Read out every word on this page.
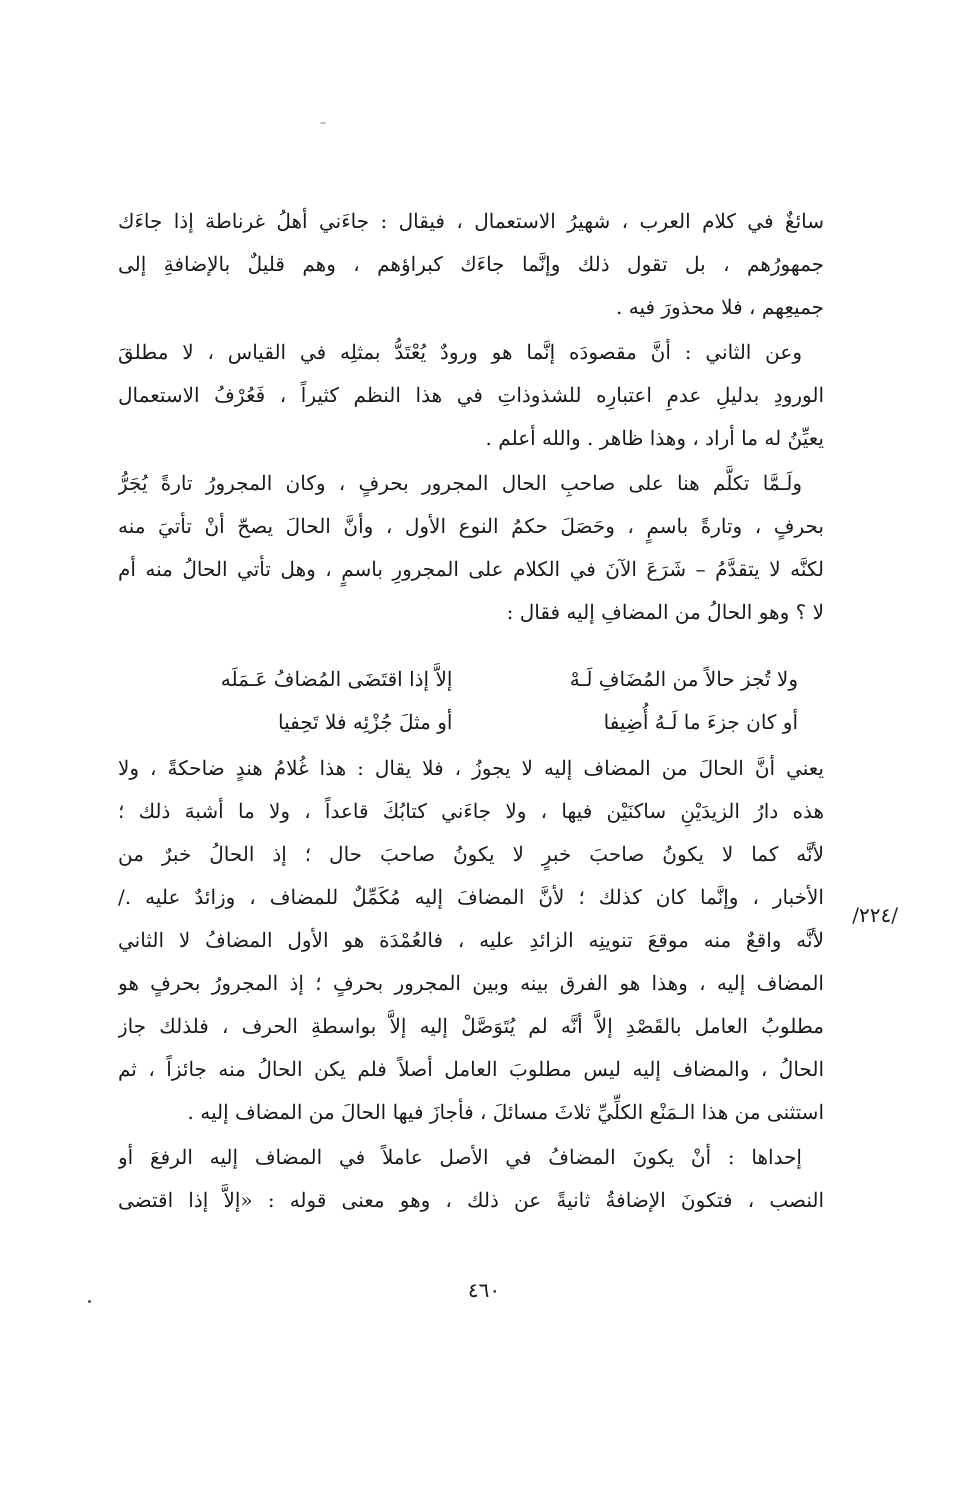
سائغٌ في كلام العرب ، شهيرُ الاستعمال ، فيقال : جاءَني أهلُ غرناطة إذا جاءَك
جمهورُهم ، بل تقول ذلك وإنَّما جاءَك كبراؤهم ، وهم قليلٌ بالإضافةِ إلى
جميعِهم ، فلا محذورَ فيه .
وعن الثاني : أنَّ مقصودَه إنَّما هو ورودٌ يُعْتَدُّ بمثلِه في القياس ، لا مطلقَ
الورودِ بدليلِ عدمِ اعتبارِه للشذوذاتِ في هذا النظم كثيراً ، فَعُرْفُ الاستعمال
يعيِّنُ له ما أراد ، وهذا ظاهر . والله أعلم .
ولَـمَّا تكلَّم هنا على صاحبِ الحال المجرور بحرفٍ ، وكان المجرورُ تارةً يُجَرُّ
بحرفٍ ، وتارةً باسمٍ ، وحَصَلَ حكمُ النوع الأول ، وأنَّ الحالَ يصحّ أنْ تأتيَ منه
لكنَّه لا يتقدَّمُ – شَرَعَ الآنَ في الكلام على المجرورِ باسمٍ ، وهل تأتي الحالُ منه أم
لا ؟ وهو الحالُ من المضافِ إليه فقال :
ولا تُجز حالاً من المُضَافِ لَـهْ
إلاَّ إذا اقتَضَى المُضافُ عَـمَلَه
أو كان جزءَ ما لَـهُ أُضِيفا
أو مثلَ جُزْئِه فلا تَحِفيا
يعني أنَّ الحالَ من المضاف إليه لا يجوزُ ، فلا يقال : هذا غُلامُ هندٍ ضاحكةً ، ولا
هذه دارُ الزيدَيْنِ ساكنَيْن فيها ، ولا جاءَني كتابُكَ قاعداً ، ولا ما أشبهَ ذلك ؛
لأنَّه كما لا يكونُ صاحبَ خبرٍ لا يكونُ صاحبَ حال ؛ إذ الحالُ خبرٌ من
الأخبار ، وإنَّما كان كذلك ؛ لأنَّ المضافَ إليه مُكَمِّلٌ للمضاف ، وزائدٌ عليه ./
لأنَّه واقعٌ منه موقعَ تنوينِه الزائدِ عليه ، فالعُمْدَة هو الأول المضافُ لا الثاني
المضاف إليه ، وهذا هو الفرق بينه وبين المجرور بحرفٍ ؛ إذ المجرورُ بحرفٍ هو
مطلوبُ العامل بالقَصْدِ إلاَّ أنَّه لم يُتَوَصَّلْ إليه إلاَّ بواسطةِ الحرف ، فلذلك جاز
الحالُ ، والمضاف إليه ليس مطلوبَ العامل أصلاً فلم يكن الحالُ منه جائزاً ، ثم
استثنى من هذا الـمَنْع الكلِّيِّ ثلاثَ مسائلَ ، فأجازَ فيها الحالَ من المضاف إليه .
إحداها : أنْ يكونَ المضافُ في الأصل عاملاً في المضاف إليه الرفعَ أو
النصب ، فتكونَ الإضافةُ ثانيةً عن ذلك ، وهو معنى قوله : «إلاَّ إذا اقتضى
/٢٢٤/
٤٦٠
